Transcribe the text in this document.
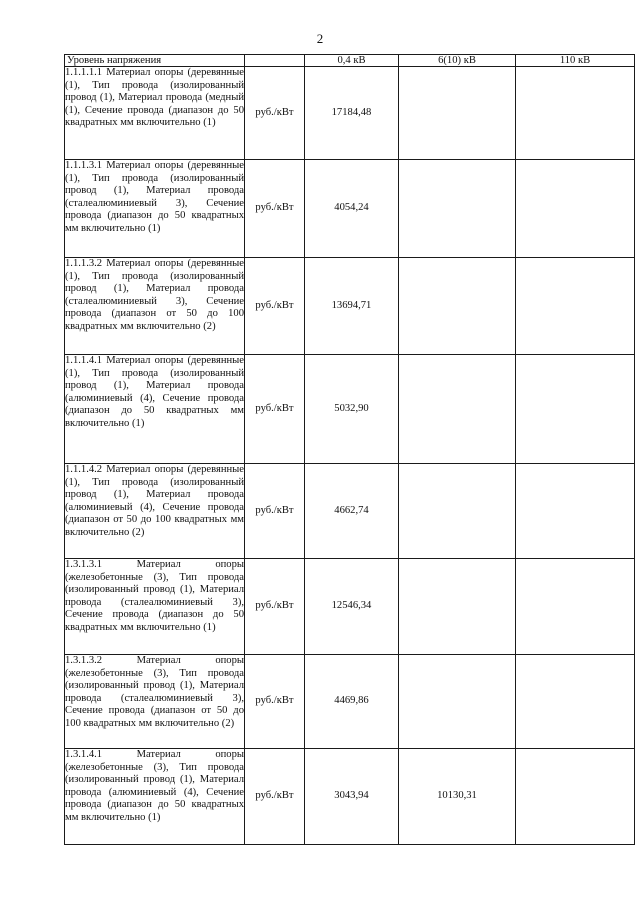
2
Уровень напряжения		0,4 кВ	6(10) кВ	110 кВ
1.1.1.1.1 Материал опоры (деревянные (1), Тип провода (изолированный провод (1), Материал провода (медный (1), Сечение провода (диапазон до 50 квадратных мм включительно (1)	руб./кВт	17184,48		
1.1.1.3.1 Материал опоры (деревянные (1), Тип провода (изолированный провод (1), Материал провода (сталеалюминиевый 3), Сечение провода (диапазон до 50 квадратных мм включительно (1)	руб./кВт	4054,24		
1.1.1.3.2 Материал опоры (деревянные (1), Тип провода (изолированный провод (1), Материал провода (сталеалюминиевый 3), Сечение провода (диапазон от 50 до 100 квадратных мм включительно (2)	руб./кВт	13694,71		
1.1.1.4.1 Материал опоры (деревянные (1), Тип провода (изолированный провод (1), Материал провода (алюминиевый (4), Сечение провода (диапазон до 50 квадратных мм включительно (1)	руб./кВт	5032,90		
1.1.1.4.2 Материал опоры (деревянные (1), Тип провода (изолированный провод (1), Материал провода (алюминиевый (4), Сечение провода (диапазон от 50 до 100 квадратных мм включительно (2)	руб./кВт	4662,74		
1.3.1.3.1 Материал опоры (железобетонные (3), Тип провода (изолированный провод (1), Материал провода (сталеалюминиевый 3), Сечение провода (диапазон до 50 квадратных мм включительно (1)	руб./кВт	12546,34		
1.3.1.3.2 Материал опоры (железобетонные (3), Тип провода (изолированный провод (1), Материал провода (сталеалюминиевый 3), Сечение провода (диапазон от 50 до 100 квадратных мм включительно (2)	руб./кВт	4469,86		
1.3.1.4.1 Материал опоры (железобетонные (3), Тип провода (изолированный провод (1), Материал провода (алюминиевый (4), Сечение провода (диапазон до 50 квадратных мм включительно (1)	руб./кВт	3043,94	10130,31	
